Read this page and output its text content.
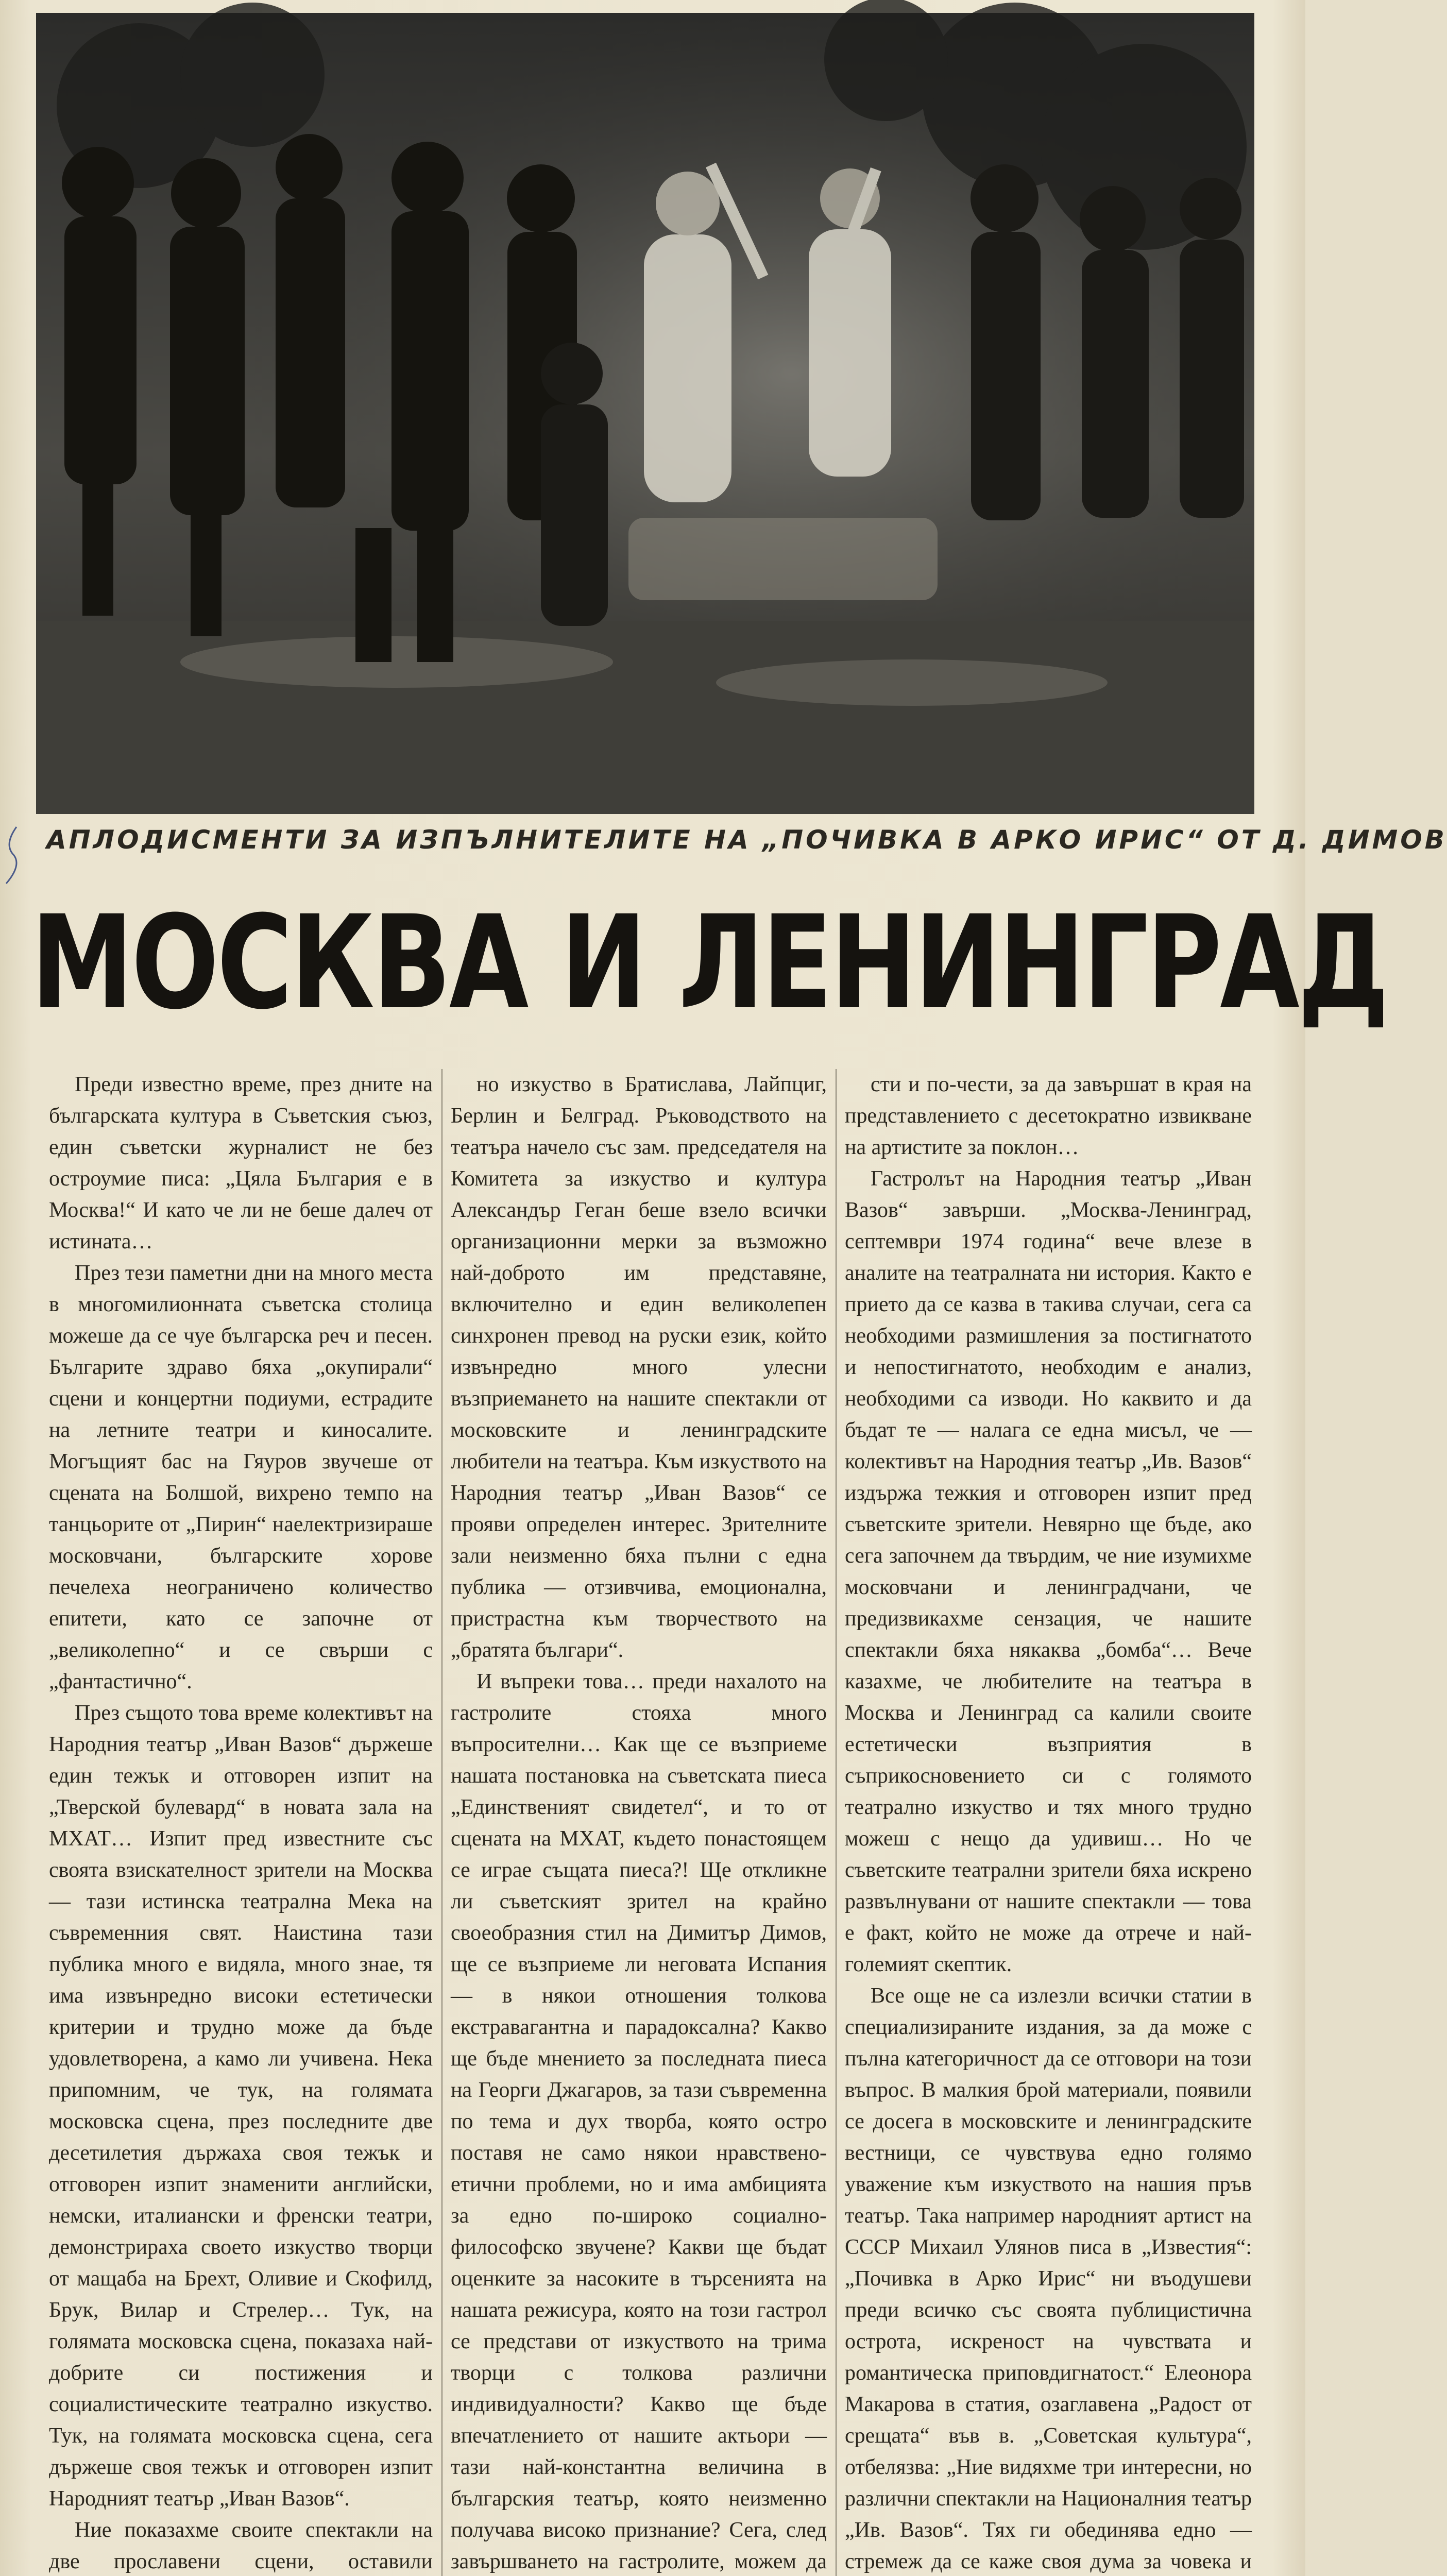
АПЛОДИСМЕНТИ ЗА ИЗПЪЛНИТЕЛИТЕ НА „ПОЧИВКА В АРКО ИРИС“ ОТ Д. ДИМОВ
МОСКВА И ЛЕНИНГРАД

Преди известно време, през дните на българската култура в Съветския съюз, един съветски журналист не без остроумие писа: „Цяла България е в Москва!“ И като че ли не беше далеч от истината…

През тези паметни дни на много места в многомилионната съветска столица можеше да се чуе българска реч и песен. Българите здраво бяха „окупирали“ сцени и концертни подиуми, естрадите на летните театри и киносалите. Могъщият бас на Гяуров звучеше от сцената на Болшой, вихрено темпо на танцьорите от „Пирин“ наелектризираше московчани, българските хорове печелеха неограничено количество епитети, като се започне от „великолепно“ и се свърши с „фантастично“.

През същото това време колективът на Народния театър „Иван Вазов“ държеше един тежък и отговорен изпит на „Тверской булевард“ в новата зала на МХАТ… Изпит пред известните със своята взискателност зрители на Москва — тази истинска театрална Мека на съвременния свят. Наистина тази публика много е видяла, много знае, тя има извънредно високи естетически критерии и трудно може да бъде удовлетворена, а камо ли учивена. Нека припомним, че тук, на голямата московска сцена, през последните две десетилетия държаха своя тежък и отговорен изпит знаменити английски, немски, италиански и френски театри, демонстрираха своето изкуство творци от мащаба на Брехт, Оливие и Скофилд, Брук, Вилар и Стрелер… Тук, на голямата московска сцена, показаха най-добрите си постижения и социалистическите театрално изкуство. Тук, на голямата московска сцена, сега държеше своя тежък и отговорен изпит Народният театър „Иван Вазов“.

Ние показахме своите спектакли на две прославени сцени, оставили

но изкуство в Братислава, Лайпциг, Берлин и Белград. Ръководството на театъра начело със зам. председателя на Комитета за изкуство и култура Александър Геган беше взело всички организационни мерки за възможно най-доброто им представяне, включително и един великолепен синхронен превод на руски език, който извънредно много улесни възприемането на нашите спектакли от московските и ленинградските любители на театъра. Към изкуството на Народния театър „Иван Вазов“ се прояви определен интерес. Зрителните зали неизменно бяха пълни с една публика — отзивчива, емоционална, пристрастна към творчеството на „братята българи“.

И въпреки това… преди нахалото на гастролите стояха много въпросителни… Как ще се възприеме нашата постановка на съветската пиеса „Единственият свидетел“, и то от сцената на МХАТ, където понастоящем се играе същата пиеса?! Ще откликне ли съветският зрител на крайно своеобразния стил на Димитър Димов, ще се възприеме ли неговата Испания — в някои отношения толкова екстравагантна и парадоксална? Какво ще бъде мнението за последната пиеса на Георги Джагаров, за тази съвременна по тема и дух творба, която остро поставя не само някои нравствено-етични проблеми, но и има амбицията за едно по-широко социално-философско звучене? Какви ще бъдат оценките за насоките в търсенията на нашата режисура, която на този гастрол се представи от изкуството на трима творци с толкова различни индивидуалности? Какво ще бъде впечатлението от нашите актьори — тази най-константна величина в българския театър, която неизменно получава високо признание? Сега, след завършването на гастролите, можем да

сти и по-чести, за да завършат в края на представлението с десетократно извикване на артистите за поклон…

Гастролът на Народния театър „Иван Вазов“ завърши. „Москва-Ленинград, септември 1974 година“ вече влезе в аналите на театралната ни история. Както е прието да се казва в такива случаи, сега са необходими размишления за постигнатото и непостигнатото, необходим е анализ, необходими са изводи. Но каквито и да бъдат те — налага се една мисъл, че — колективът на Народния театър „Ив. Вазов“ издържа тежкия и отговорен изпит пред съветските зрители. Невярно ще бъде, ако сега започнем да твърдим, че ние изумихме московчани и ленинградчани, че предизвикахме сензация, че нашите спектакли бяха някаква „бомба“… Вече казахме, че любителите на театъра в Москва и Ленинград са калили своите естетически възприятия в съприкосновението си с голямото театрално изкуство и тях много трудно можеш с нещо да удивиш… Но че съветските театрални зрители бяха искрено развълнувани от нашите спектакли — това е факт, който не може да отрече и най-големият скептик.

Все още не са излезли всички статии в специализираните издания, за да може с пълна категоричност да се отговори на този въпрос. В малкия брой материали, появили се досега в московските и ленинградските вестници, се чувствува едно голямо уважение към изкуството на нашия пръв театър. Така например народният артист на СССР Михаил Улянов писа в „Известия“: „Почивка в Арко Ирис“ ни въодушеви преди всичко със своята публицистична острота, искреност на чувствата и романтическа приповдигнатост.“ Елеонора Макарова в статия, озаглавена „Радост от срещата“ във в. „Советская культура“, отбелязва: „Ние видяхме три интересни, но различни спектакли на Националния театър „Ив. Вазов“. Тях ги обединява едно — стремеж да се каже своя дума за човека и
